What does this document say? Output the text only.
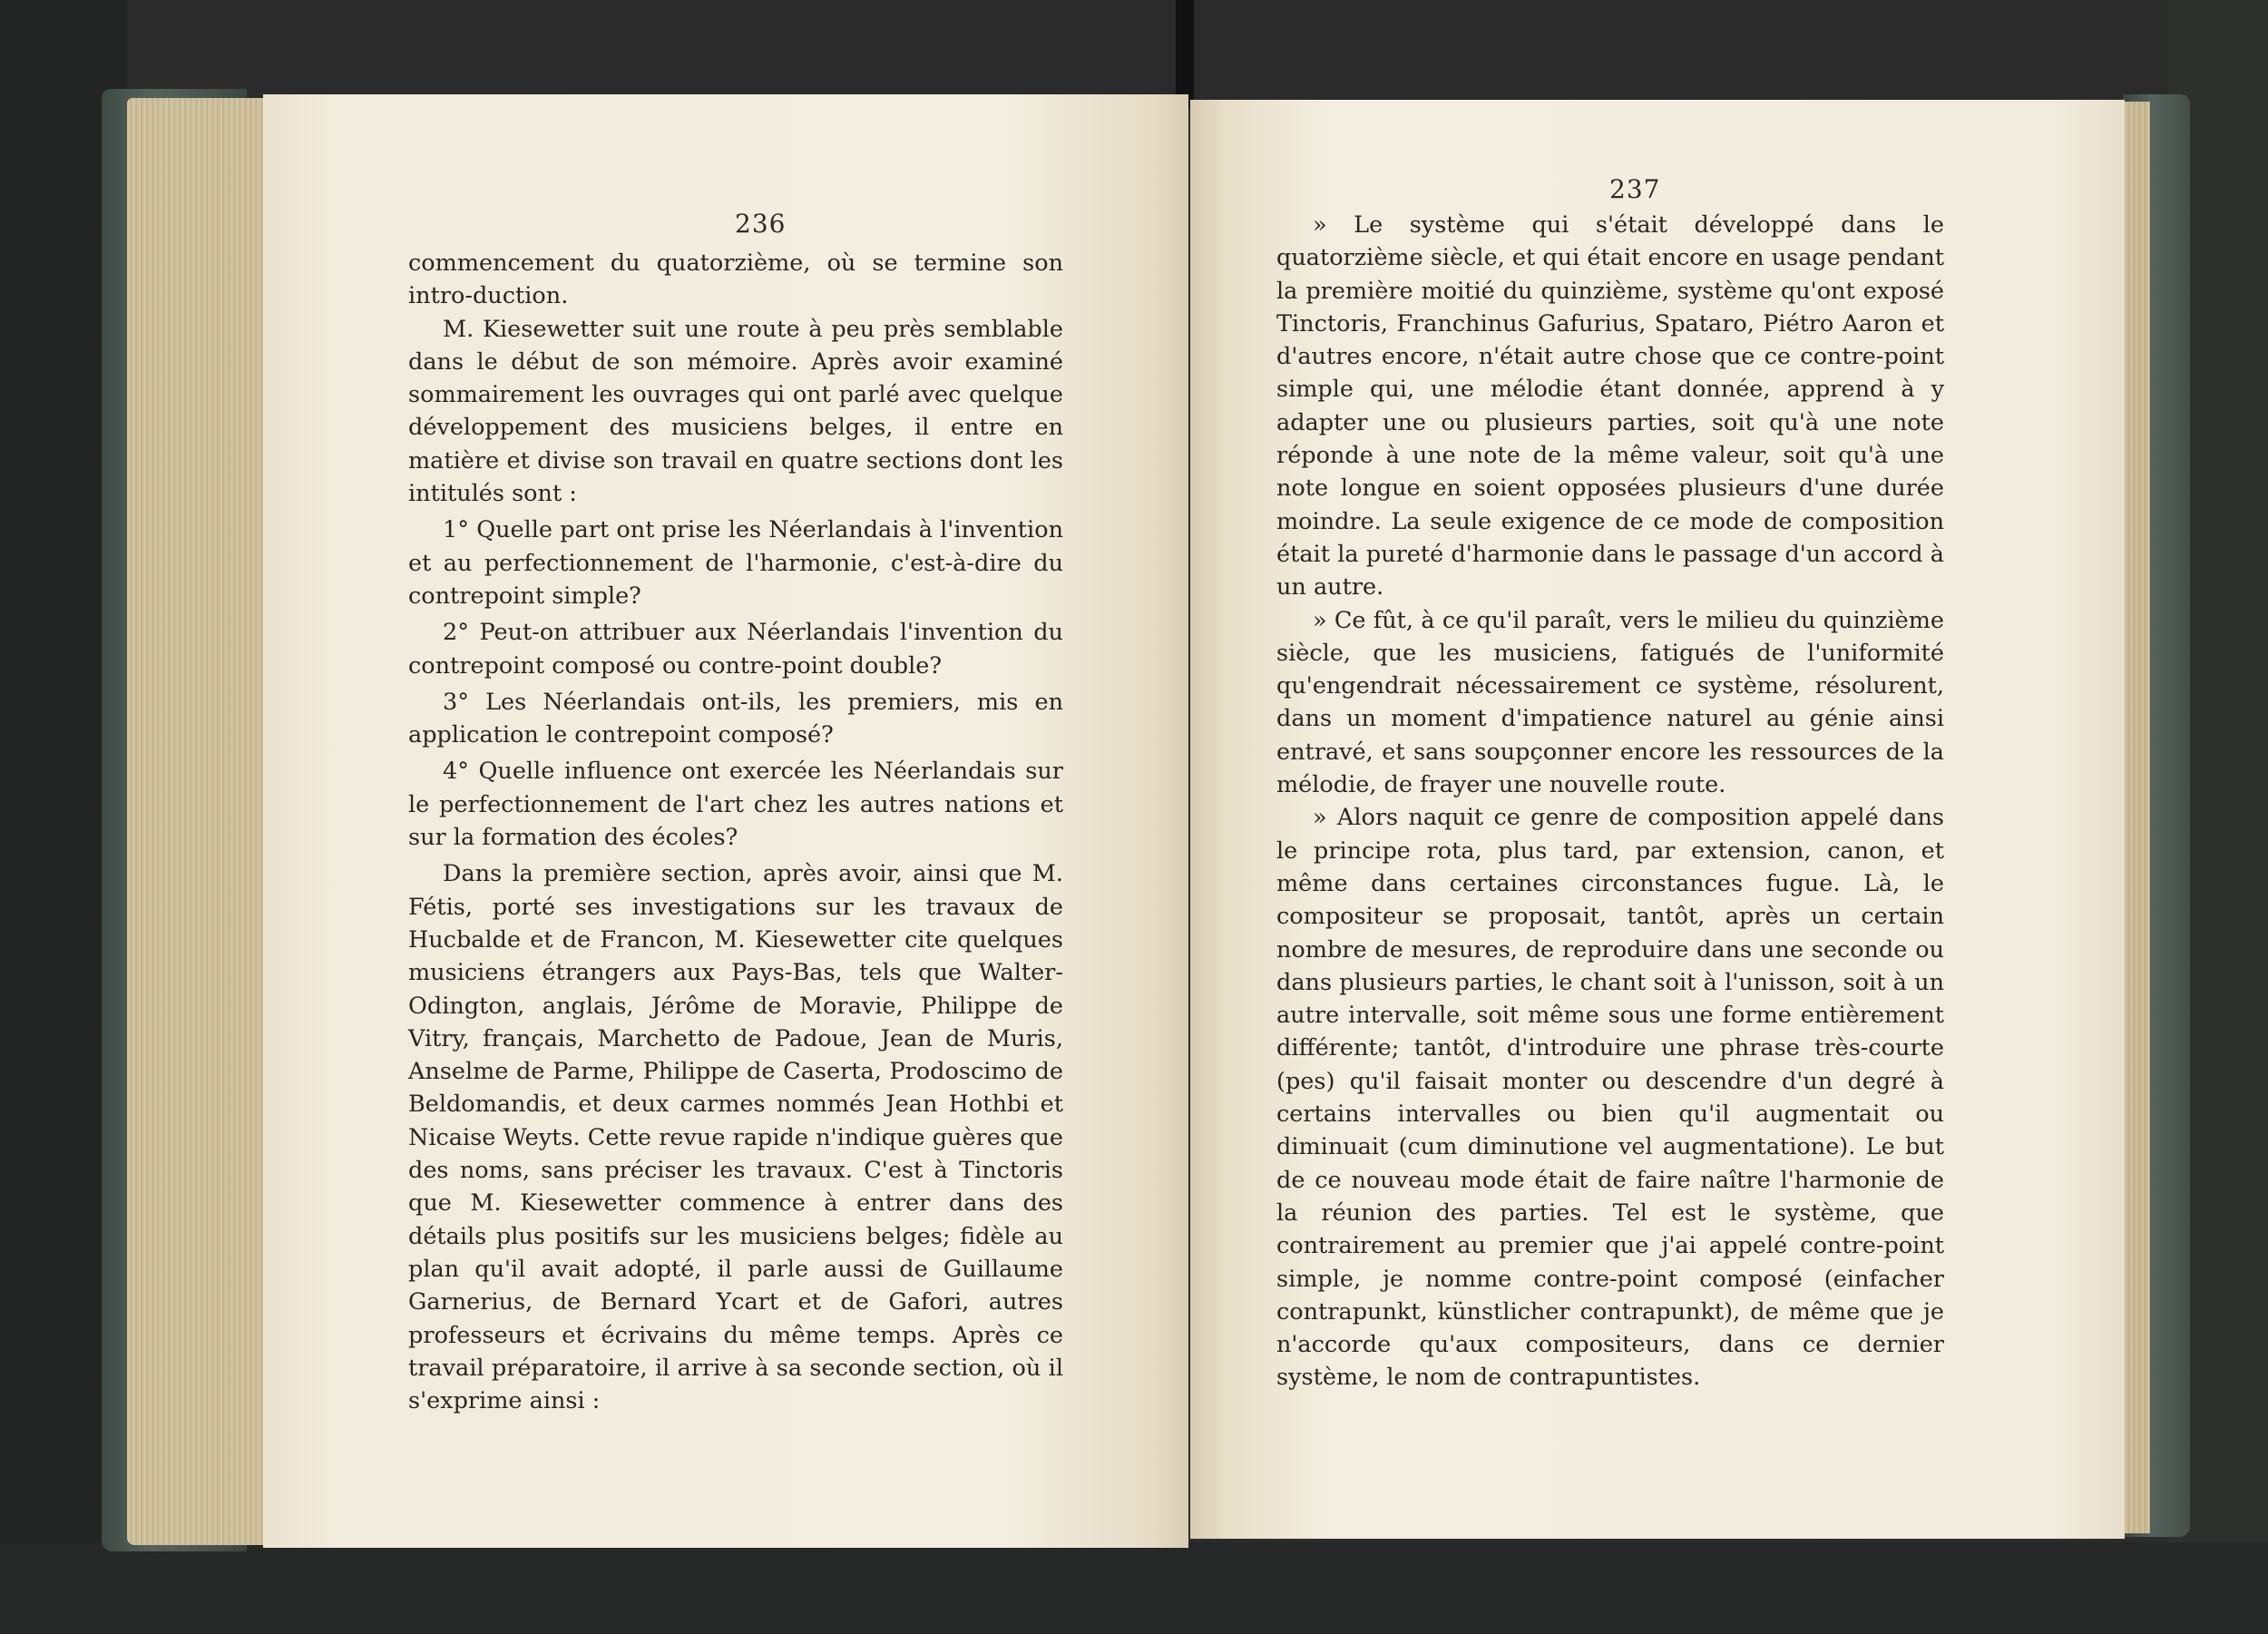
236

commencement du quatorzième, où se termine son intro-duction.

M. Kiesewetter suit une route à peu près semblable dans le début de son mémoire. Après avoir examiné sommairement les ouvrages qui ont parlé avec quelque développement des musiciens belges, il entre en matière et divise son travail en quatre sections dont les intitulés sont :

1° Quelle part ont prise les Néerlandais à l'invention et au perfectionnement de l'harmonie, c'est-à-dire du contrepoint simple?

2° Peut-on attribuer aux Néerlandais l'invention du contrepoint composé ou contre-point double?

3° Les Néerlandais ont-ils, les premiers, mis en application le contrepoint composé?

4° Quelle influence ont exercée les Néerlandais sur le perfectionnement de l'art chez les autres nations et sur la formation des écoles?

Dans la première section, après avoir, ainsi que M. Fétis, porté ses investigations sur les travaux de Hucbalde et de Francon, M. Kiesewetter cite quelques musiciens étrangers aux Pays-Bas, tels que Walter-Odington, anglais, Jérôme de Moravie, Philippe de Vitry, français, Marchetto de Padoue, Jean de Muris, Anselme de Parme, Philippe de Caserta, Prodoscimo de Beldomandis, et deux carmes nommés Jean Hothbi et Nicaise Weyts. Cette revue rapide n'indique guères que des noms, sans préciser les travaux. C'est à Tinctoris que M. Kiesewetter commence à entrer dans des détails plus positifs sur les musiciens belges; fidèle au plan qu'il avait adopté, il parle aussi de Guillaume Garnerius, de Bernard Ycart et de Gafori, autres professeurs et écrivains du même temps. Après ce travail préparatoire, il arrive à sa seconde section, où il s'exprime ainsi :

237

» Le système qui s'était développé dans le quatorzième siècle, et qui était encore en usage pendant la première moitié du quinzième, système qu'ont exposé Tinctoris, Franchinus Gafurius, Spataro, Piétro Aaron et d'autres encore, n'était autre chose que ce contre-point simple qui, une mélodie étant donnée, apprend à y adapter une ou plusieurs parties, soit qu'à une note réponde à une note de la même valeur, soit qu'à une note longue en soient opposées plusieurs d'une durée moindre. La seule exigence de ce mode de composition était la pureté d'harmonie dans le passage d'un accord à un autre.

» Ce fût, à ce qu'il paraît, vers le milieu du quinzième siècle, que les musiciens, fatigués de l'uniformité qu'engendrait nécessairement ce système, résolurent, dans un moment d'impatience naturel au génie ainsi entravé, et sans soupçonner encore les ressources de la mélodie, de frayer une nouvelle route.

» Alors naquit ce genre de composition appelé dans le principe rota, plus tard, par extension, canon, et même dans certaines circonstances fugue. Là, le compositeur se proposait, tantôt, après un certain nombre de mesures, de reproduire dans une seconde ou dans plusieurs parties, le chant soit à l'unisson, soit à un autre intervalle, soit même sous une forme entièrement différente; tantôt, d'introduire une phrase très-courte (pes) qu'il faisait monter ou descendre d'un degré à certains intervalles ou bien qu'il augmentait ou diminuait (cum diminutione vel augmentatione). Le but de ce nouveau mode était de faire naître l'harmonie de la réunion des parties. Tel est le système, que contrairement au premier que j'ai appelé contre-point simple, je nomme contre-point composé (einfacher contrapunkt, künstlicher contrapunkt), de même que je n'accorde qu'aux compositeurs, dans ce dernier système, le nom de contrapuntistes.
